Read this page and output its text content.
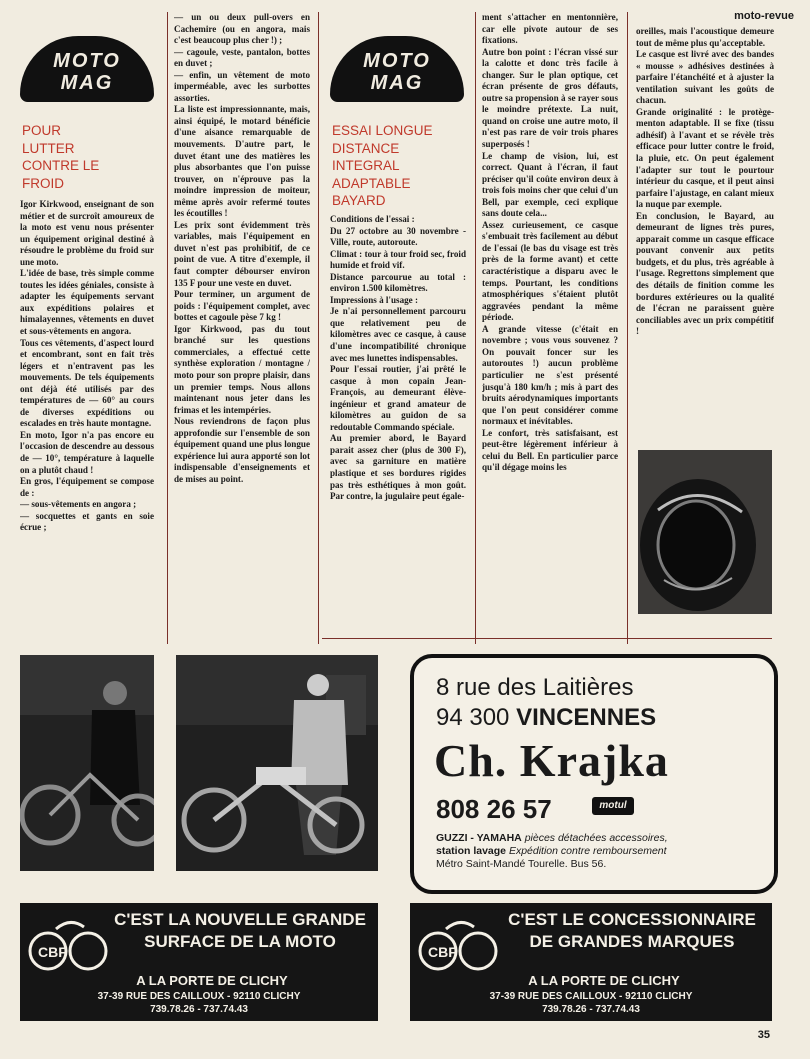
moto-revue
MOTO
MAG
POUR LUTTER CONTRE LE FROID

Igor Kirkwood, enseignant de son métier et de surcroît amoureux de la moto est venu nous présenter un équipement original destiné à résoudre le problème du froid sur une moto.

L'idée de base, très simple comme toutes les idées géniales, consiste à adapter les équipements servant aux expéditions polaires et himalayennes, vêtements en duvet et sous-vêtements en angora.

Tous ces vêtements, d'aspect lourd et encombrant, sont en fait très légers et n'entravent pas les mouvements. De tels équipements ont déjà été utilisés par des températures de — 60° au cours de diverses expéditions ou escalades en très haute montagne.

En moto, Igor n'a pas encore eu l'occasion de descendre au dessous de — 10°, température à laquelle on a plutôt chaud !

En gros, l'équipement se compose de :

— sous-vêtements en angora ;

— socquettes et gants en soie écrue ;

— un ou deux pull-overs en Cachemire (ou en angora, mais c'est beaucoup plus cher !) ;

— cagoule, veste, pantalon, bottes en duvet ;

— enfin, un vêtement de moto imperméable, avec les surbottes assorties.

La liste est impressionnante, mais, ainsi équipé, le motard bénéficie d'une aisance remarquable de mouvements. D'autre part, le duvet étant une des matières les plus absorbantes que l'on puisse trouver, on n'éprouve pas la moindre impression de moiteur, même après avoir refermé toutes les écoutilles !

Les prix sont évidemment très variables, mais l'équipement en duvet n'est pas prohibitif, de ce point de vue. A titre d'exemple, il faut compter débourser environ 135 F pour une veste en duvet.

Pour terminer, un argument de poids : l'équipement complet, avec bottes et cagoule pèse 7 kg !

Igor Kirkwood, pas du tout branché sur les questions commerciales, a effectué cette synthèse exploration / montagne / moto pour son propre plaisir, dans un premier temps. Nous allons maintenant nous jeter dans les frimas et les intempéries.

Nous reviendrons de façon plus approfondie sur l'ensemble de son équipement quand une plus longue expérience lui aura apporté son lot indispensable d'enseignements et de mises au point.

MOTO
MAG
ESSAI LONGUE DISTANCE INTEGRAL ADAPTABLE BAYARD

Conditions de l'essai :

Du 27 octobre au 30 novembre - Ville, route, autoroute.

Climat : tour à tour froid sec, froid humide et froid vif.

Distance parcourue au total : environ 1.500 kilomètres.

Impressions à l'usage :

Je n'ai personnellement parcouru que relativement peu de kilomètres avec ce casque, à cause d'une incompatibilité chronique avec mes lunettes indispensables.

Pour l'essai routier, j'ai prêté le casque à mon copain Jean-François, au demeurant élève-ingénieur et grand amateur de kilomètres au guidon de sa redoutable Commando spéciale.

Au premier abord, le Bayard parait assez cher (plus de 300 F), avec sa garniture en matière plastique et ses bordures rigides pas très esthétiques à mon goût. Par contre, la jugulaire peut égale-

ment s'attacher en mentonnière, car elle pivote autour de ses fixations.

Autre bon point : l'écran vissé sur la calotte et donc très facile à changer. Sur le plan optique, cet écran présente de gros défauts, outre sa propension à se rayer sous le moindre prétexte. La nuit, quand on croise une autre moto, il n'est pas rare de voir trois phares superposés !

Le champ de vision, lui, est correct. Quant à l'écran, il faut préciser qu'il coûte environ deux à trois fois moins cher que celui d'un Bell, par exemple, ceci explique sans doute cela...

Assez curieusement, ce casque s'embuait très facilement au début de l'essai (le bas du visage est très près de la forme avant) et cette caractéristique a disparu avec le temps. Pourtant, les conditions atmosphériques s'étaient plutôt aggravées pendant la même période.

A grande vitesse (c'était en novembre ; vous vous souvenez ? On pouvait foncer sur les autoroutes !) aucun problème particulier ne s'est présenté jusqu'à 180 km/h ; mis à part des bruits aérodynamiques importants que l'on peut considérer comme normaux et inévitables.

Le confort, très satisfaisant, est peut-être légèrement inférieur à celui du Bell. En particulier parce qu'il dégage moins les

oreilles, mais l'acoustique demeure tout de même plus qu'acceptable.

Le casque est livré avec des bandes « mousse » adhésives destinées à parfaire l'étanchéité et à ajuster la ventilation suivant les goûts de chacun.

Grande originalité : le protège-menton adaptable. Il se fixe (tissu adhésif) à l'avant et se révèle très efficace pour lutter contre le froid, la pluie, etc. On peut également l'adapter sur tout le pourtour intérieur du casque, et il peut ainsi parfaire l'ajustage, en calant mieux la nuque par exemple.

En conclusion, le Bayard, au demeurant de lignes très pures, apparait comme un casque efficace pouvant convenir aux petits budgets, et du plus, très agréable à l'usage. Regrettons simplement que des détails de finition comme les bordures extérieures ou la qualité de l'écran ne paraissent guère conciliables avec un prix compétitif !

8 rue des Laitières
94 300 VINCENNES
Ch. Krajka
808 26 57	motul
GUZZI - YAMAHA pièces détachées accessoires,
station lavage Expédition contre remboursement
Métro Saint-Mandé Tourelle. Bus 56.
CBF
C'EST LA NOUVELLE GRANDE SURFACE DE LA MOTO
A LA PORTE DE CLICHY
37-39 RUE DES CAILLOUX - 92110 CLICHY
739.78.26 - 737.74.43
CBF
C'EST LE CONCESSIONNAIRE DE GRANDES MARQUES
A LA PORTE DE CLICHY
37-39 RUE DES CAILLOUX - 92110 CLICHY
739.78.26 - 737.74.43
35
